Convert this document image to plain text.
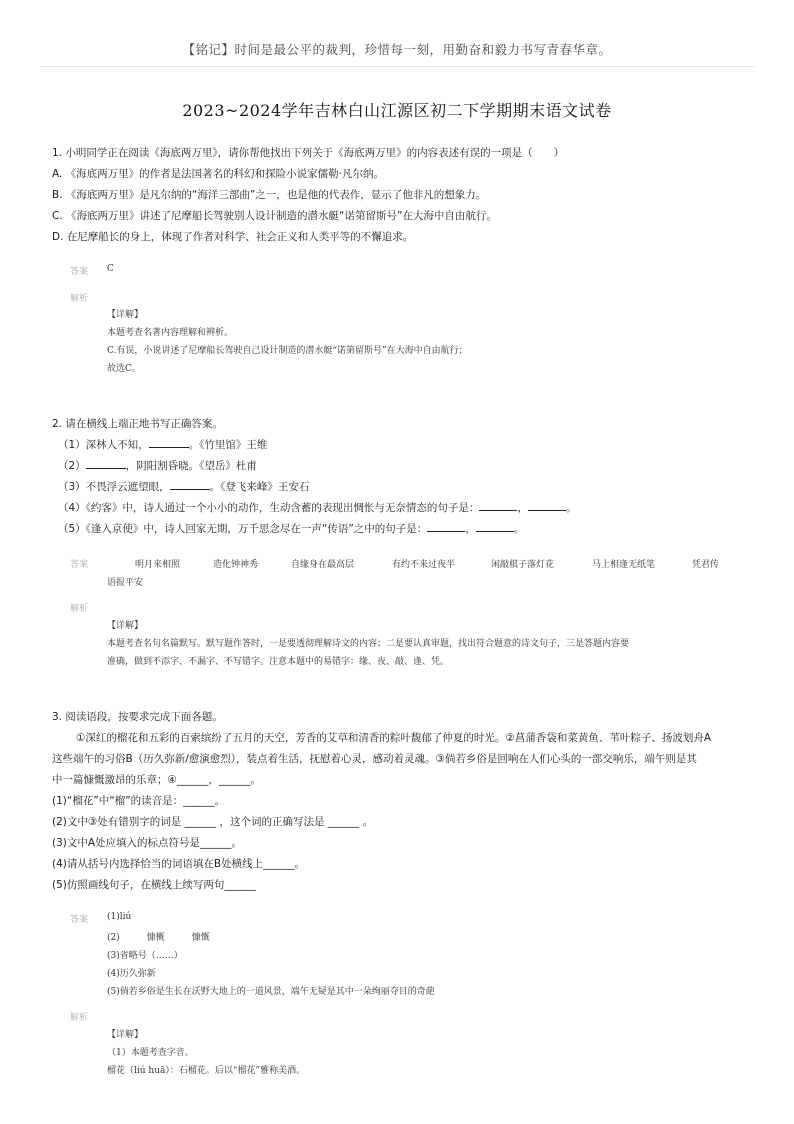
【铭记】时间是最公平的裁判，珍惜每一刻，用勤奋和毅力书写青春华章。
2023~2024学年吉林白山江源区初二下学期期末语文试卷
1. 小明同学正在阅读《海底两万里》，请你帮他找出下列关于《海底两万里》的内容表述有误的一项是（　　）
A. 《海底两万里》的作者是法国著名的科幻和探险小说家儒勒·凡尔纳。
B. 《海底两万里》是凡尔纳的“海洋三部曲”之一，也是他的代表作，显示了他非凡的想象力。
C. 《海底两万里》讲述了尼摩船长驾驶别人设计制造的潜水艇“诺第留斯号”在大海中自由航行。
D. 在尼摩船长的身上，体现了作者对科学、社会正义和人类平等的不懈追求。
答案 C
解析
【详解】
本题考查名著内容理解和辨析。
C.有误，小说讲述了尼摩船长驾驶自己设计制造的潜水艇“诺第留斯号”在大海中自由航行；
故选C。
2. 请在横线上端正地书写正确答案。
（1）深林人不知，	。《竹里馆》王维
（2）	，阴阳割昏晓。《望岳》杜甫
（3）不畏浮云遮望眼，	。《登飞来峰》王安石
（4）《约客》中，诗人通过一个小小的动作，生动含蓄的表现出惆怅与无奈情态的句子是：	，	。
（5）《逢入京使》中，诗人回家无期，万千思念尽在一声“传语”之中的句子是：	，	。
答案	明月来相照	造化钟神秀	自缘身在最高层	有约不来过夜半	闲敲棋子落灯花	马上相逢无纸笔	凭君传
语报平安
解析
【详解】
本题考查名句名篇默写。默写题作答时，一是要透彻理解诗文的内容；二是要认真审题，找出符合题意的诗文句子，三是答题内容要
准确，做到不添字、不漏字、不写错字。注意本题中的易错字：缘、夜、敲、逢、凭。
3. 阅读语段，按要求完成下面各题。
①深红的榴花和五彩的百索缤纷了五月的天空，芳香的艾草和清香的粽叶馥郁了仲夏的时光。②菖蒲香袋和菜黄鱼、苇叶粽子、扬波划舟A
这些端午的习俗B（历久弥新/愈演愈烈），装点着生活，抚慰着心灵，感动着灵魂。③倘若乡俗是回响在人们心头的一部交响乐，端午则是其
中一篇慷慨激昂的乐章；④______，______。
(1)“榴花”中“榴”的读音是：______。
(2)文中③处有错别字的词是 ______ ，这个词的正确写法是 ______ 。
(3)文中A处应填入的标点符号是______。
(4)请从括号内选择恰当的词语填在B处横线上______。
(5)仿照画线句子，在横线上续写两句______
答案 (1)liú
(2)　　　慷概　　　慷慨
(3)省略号（……）
(4)历久弥新
(5)倘若乡俗是生长在沃野大地上的一道风景，端午无疑是其中一朵绚丽夺目的奇葩
解析
【详解】
（1）本题考查字音。
榴花（liú huā）：石榴花。后以“榴花”雅称美酒。
